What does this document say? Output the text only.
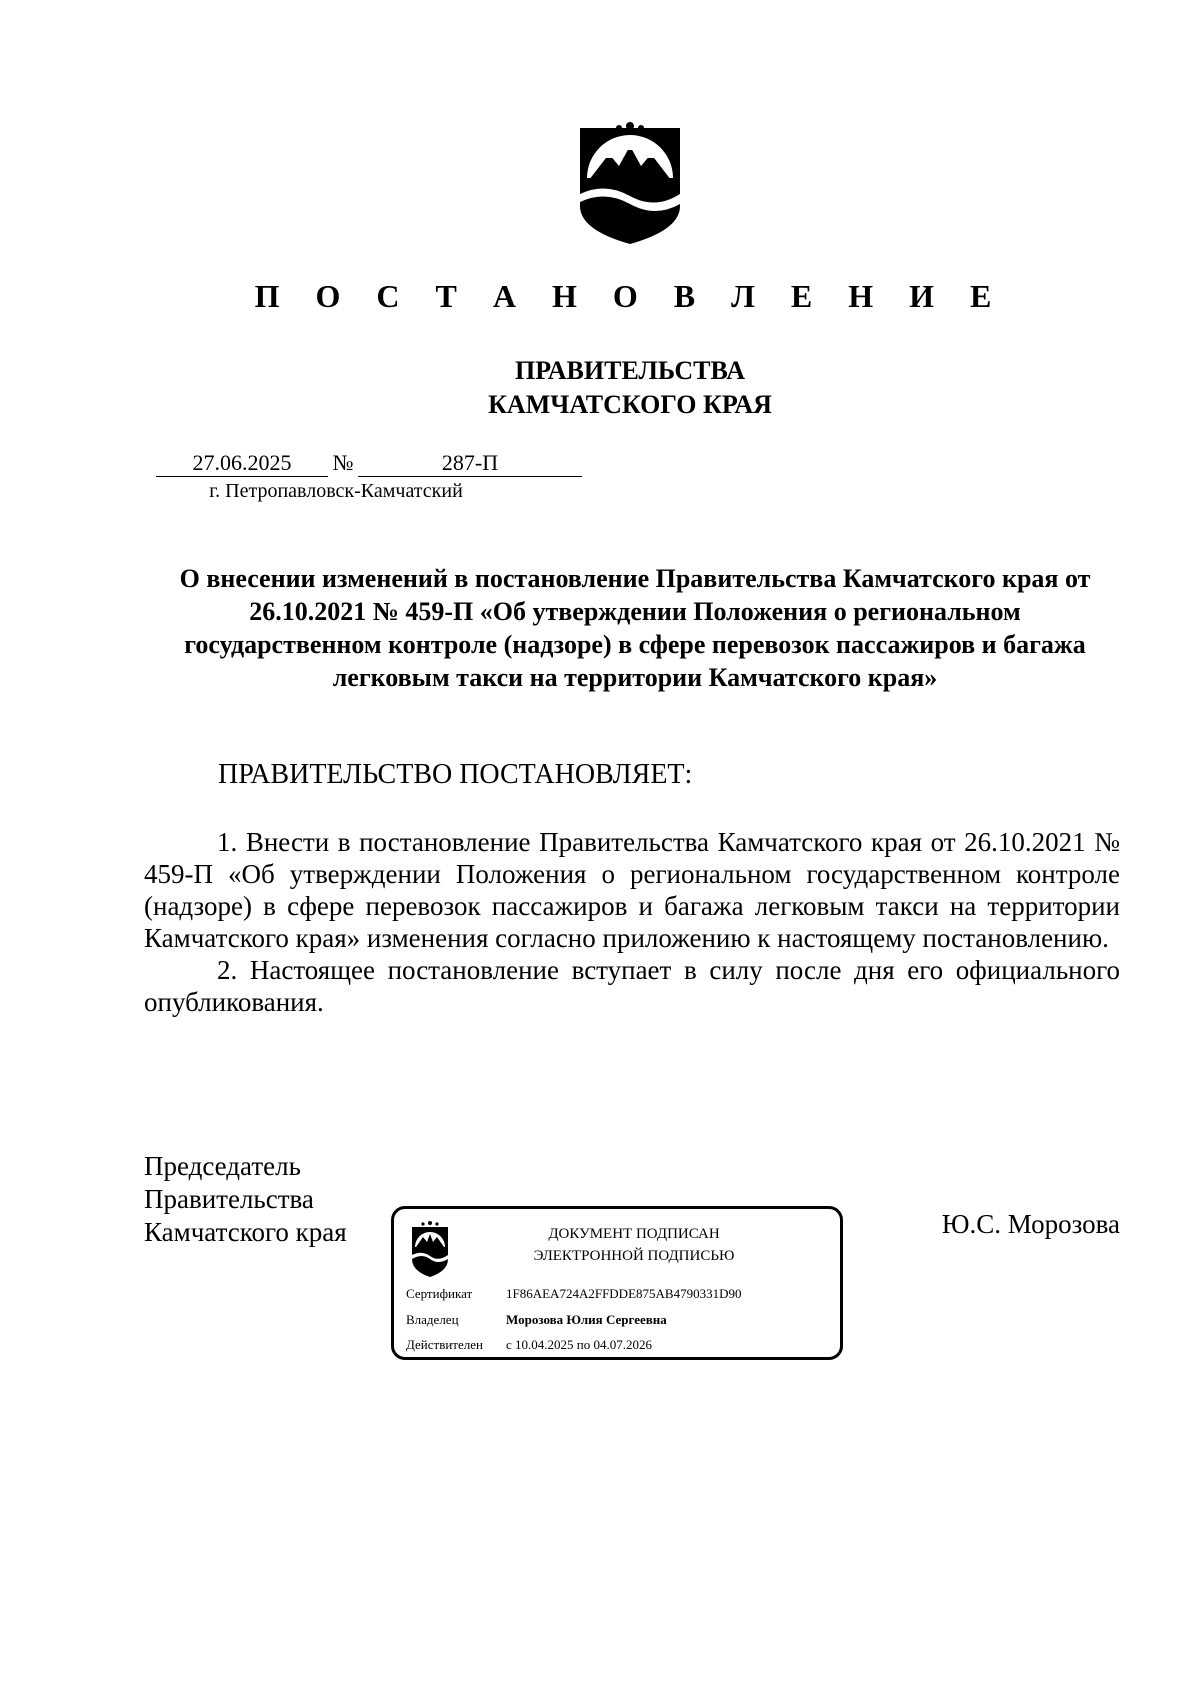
П О С Т А Н О В Л Е Н И Е
ПРАВИТЕЛЬСТВА
КАМЧАТСКОГО КРАЯ
27.06.2025 №	287-П
г. Петропавловск-Камчатский
О внесении изменений в постановление Правительства Камчатского края от 26.10.2021 № 459-П «Об утверждении Положения о региональном государственном контроле (надзоре) в сфере перевозок пассажиров и багажа легковым такси на территории Камчатского края»
ПРАВИТЕЛЬСТВО ПОСТАНОВЛЯЕТ:

1. Внести в постановление Правительства Камчатского края от 26.10.2021 № 459-П «Об утверждении Положения о региональном государственном контроле (надзоре) в сфере перевозок пассажиров и багажа легковым такси на территории Камчатского края» изменения согласно приложению к настоящему постановлению.

2. Настоящее постановление вступает в силу после дня его официального опубликования.

Председатель
Правительства
Камчатского края	ДОКУМЕНТ ПОДПИСАН
ЭЛЕКТРОННОЙ ПОДПИСЬЮ
Сертификат	1F86AEA724A2FFDDE875AB4790331D90
Владелец	Морозова Юлия Сергеевна
Действителен с 10.04.2025 по 04.07.2026
Ю.С. Морозова
